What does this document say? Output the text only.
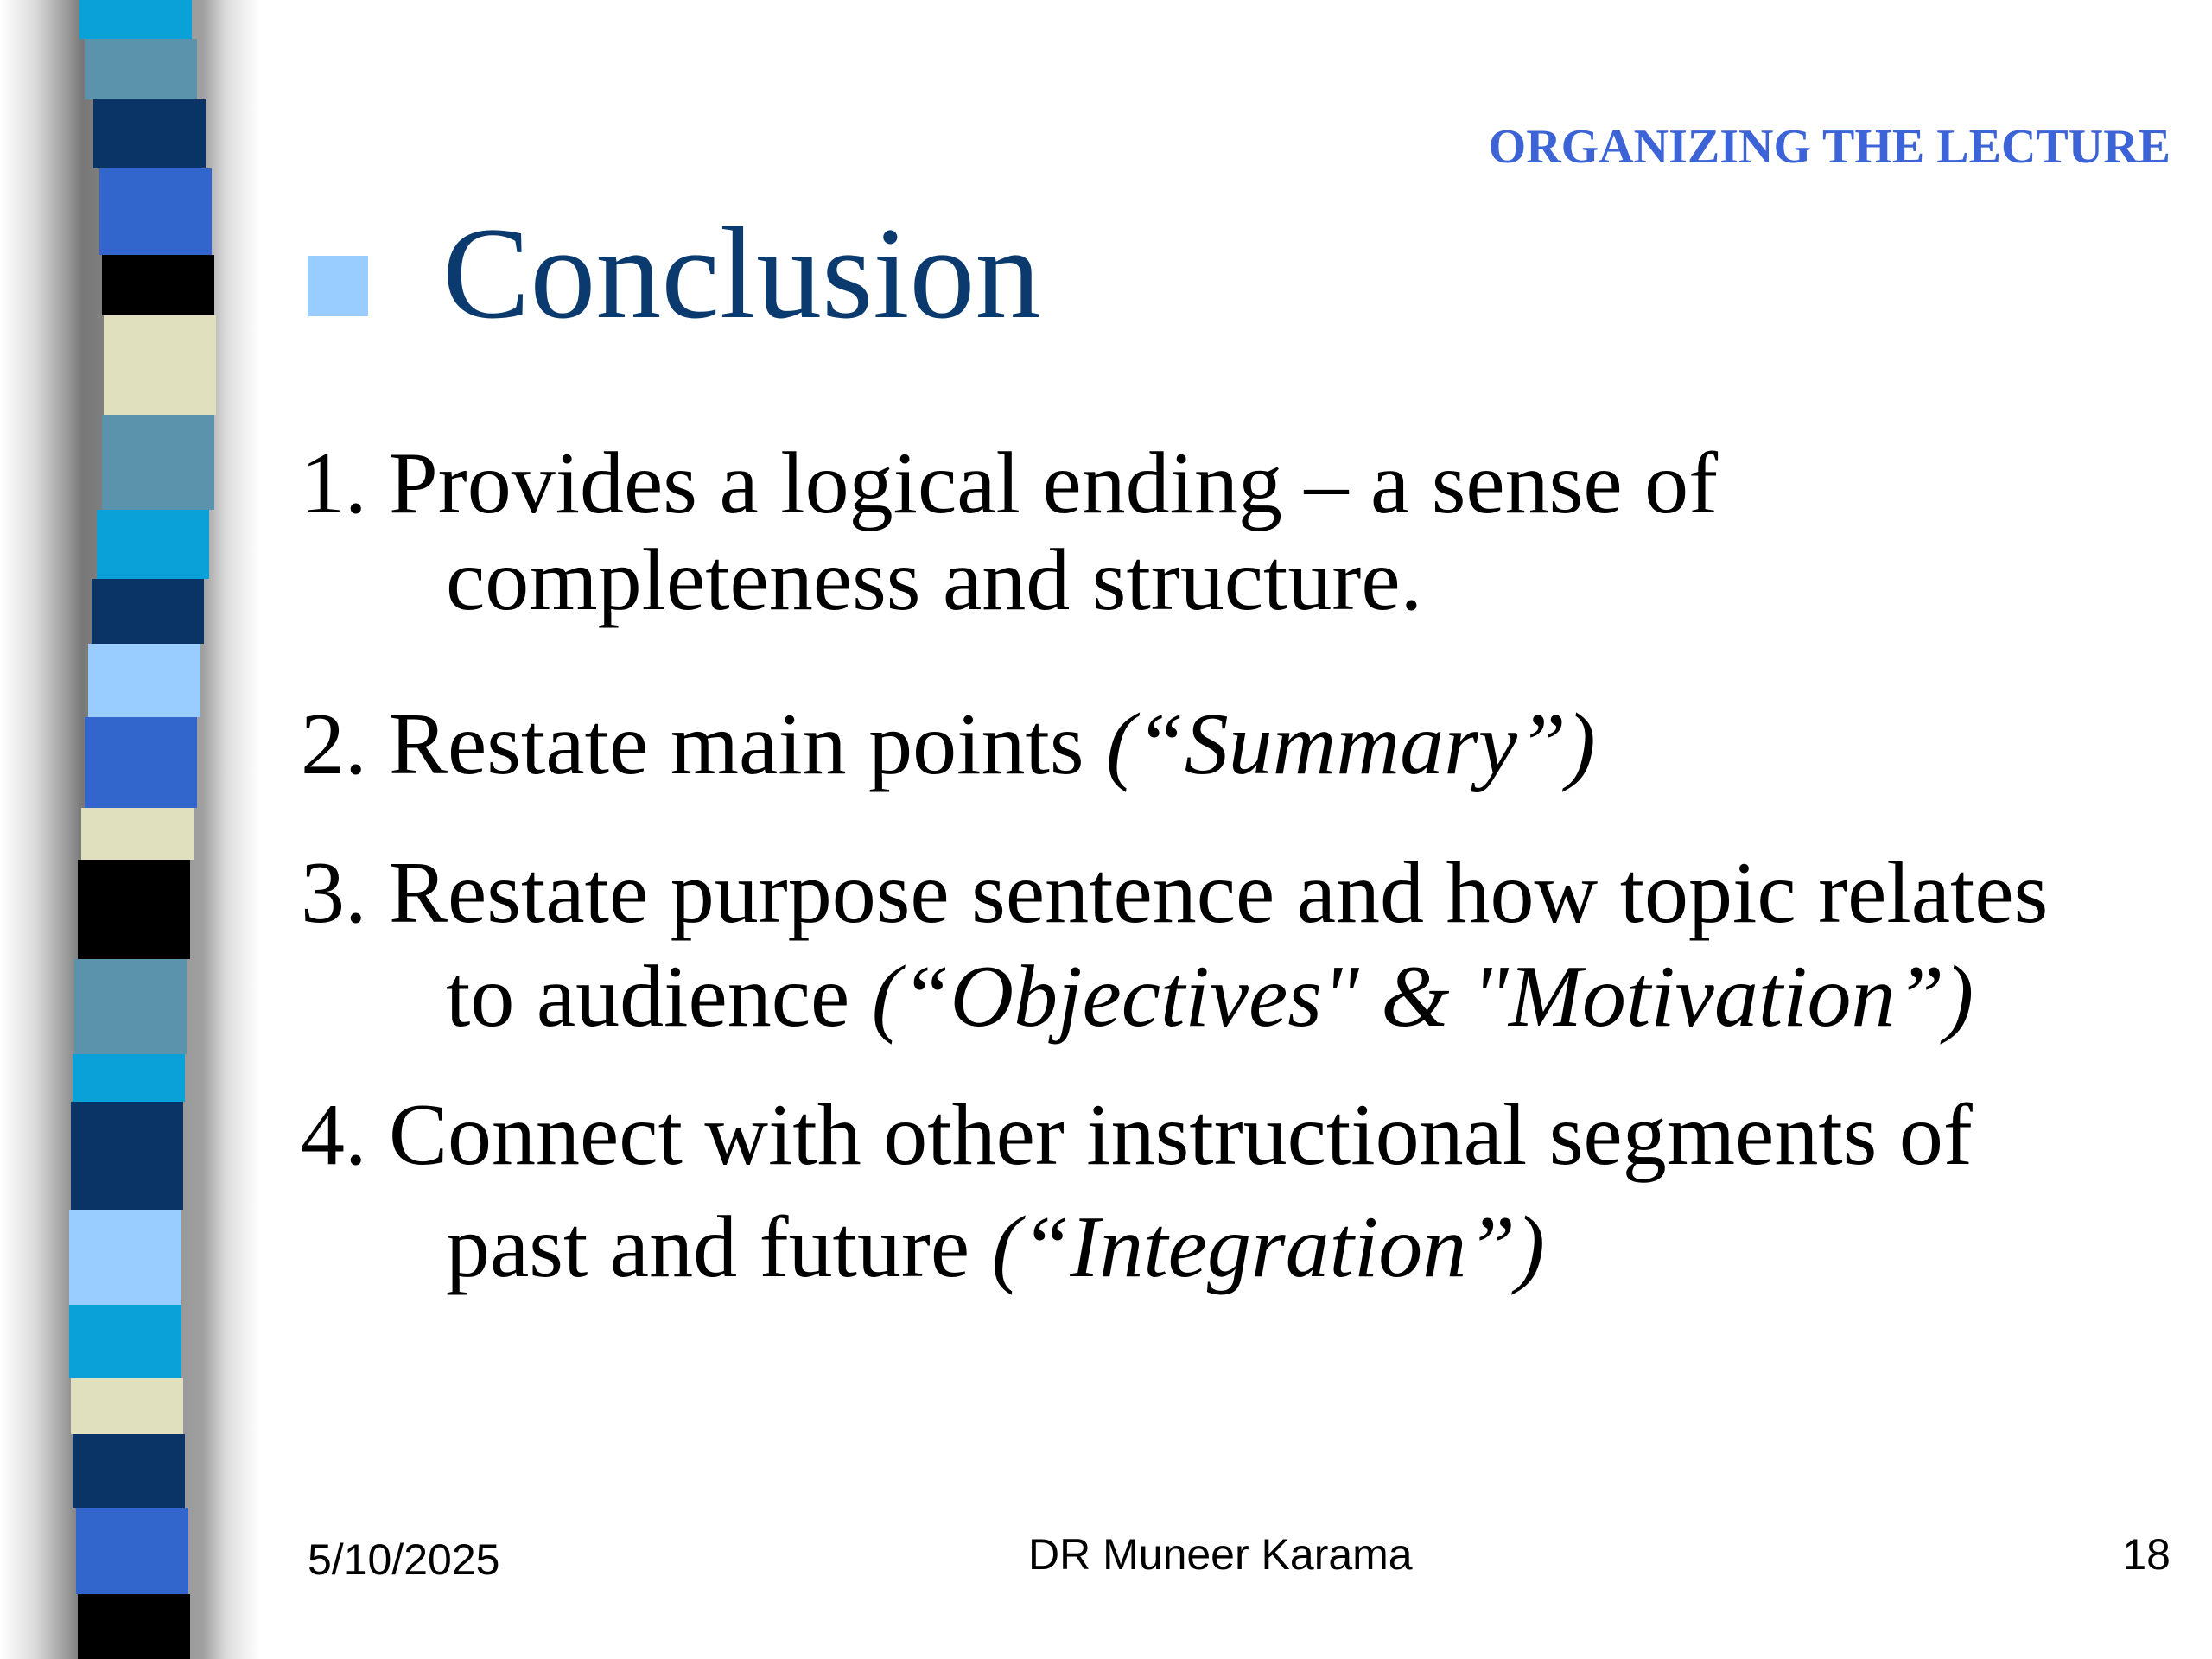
ORGANIZING THE LECTURE
Conclusion
1. Provides a logical ending – a sense of
completeness and structure.
2. Restate main points (“Summary”)
3. Restate purpose sentence and how topic relates
to audience (“Objectives" & "Motivation”)
4. Connect with other instructional segments of
past and future (“Integration”)
5/10/2025	DR Muneer Karama	18
